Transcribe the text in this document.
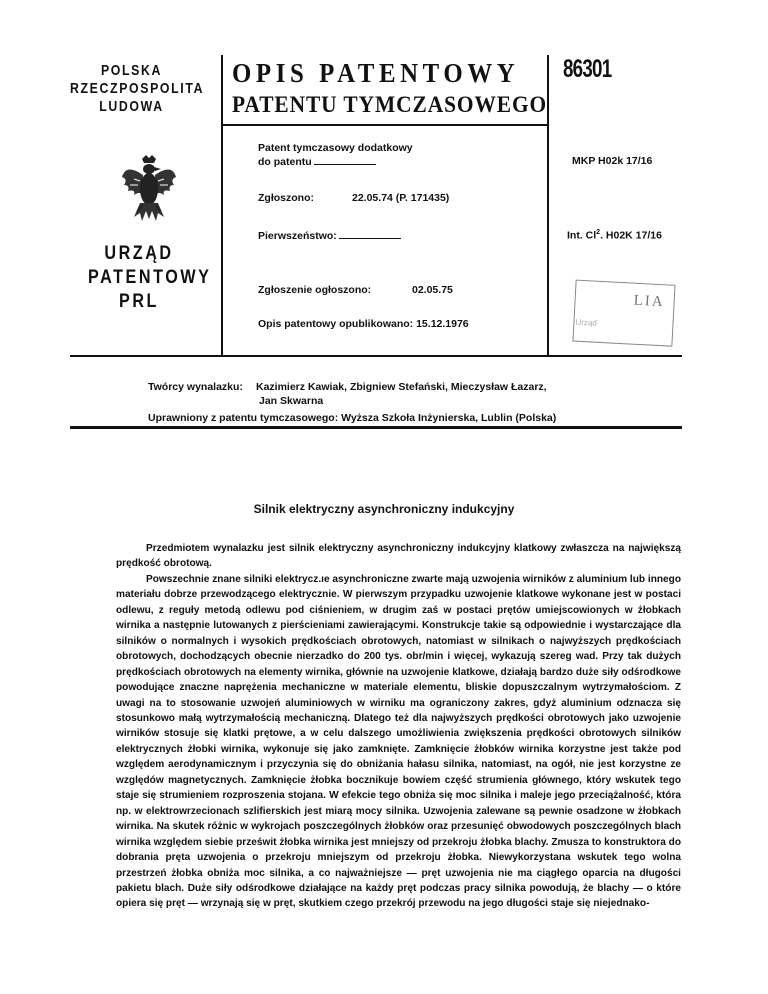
POLSKA
RZECZPOSPOLITA
LUDOWA
URZĄD
PATENTOWY
PRL
OPIS PATENTOWY
PATENTU TYMCZASOWEGO
86301
Patent tymczasowy dodatkowy
do patentu
Zgłoszono:	22.05.74 (P. 171435)
Pierwszeństwo:
Zgłoszenie ogłoszono:	02.05.75
Opis patentowy opublikowano: 15.12.1976
MKP H02k 17/16
Int. Cl$^2$. H02K 17/16
LIA
Urząd
Twórcy wynalazku: Kazimierz Kawiak, Zbigniew Stefański, Mieczysław Łazarz,
Jan Skwarna
Uprawniony z patentu tymczasowego: Wyższa Szkoła Inżynierska, Lublin (Polska)
Silnik elektryczny asynchroniczny indukcyjny

Przedmiotem wynalazku jest silnik elektryczny asynchroniczny indukcyjny klatkowy zwłaszcza na największą prędkość obrotową.

Powszechnie znane silniki elektrycz.ıe asynchroniczne zwarte mają uzwojenia wirników z aluminium lub innego materiału dobrze przewodzącego elektrycznie. W pierwszym przypadku uzwojenie klatkowe wykonane jest w postaci odlewu, z reguły metodą odlewu pod ciśnieniem, w drugim zaś w postaci prętów umiejscowionych w żłobkach wirnika a następnie lutowanych z pierścieniami zawierającymi. Konstrukcje takie są odpowiednie i wystarczające dla silników o normalnych i wysokich prędkościach obrotowych, natomiast w silnikach o najwyższych prędkościach obrotowych, dochodzących obecnie nierzadko do 200 tys. obr/min i więcej, wykazują szereg wad. Przy tak dużych prędkościach obrotowych na elementy wirnika, głównie na uzwojenie klatkowe, działają bardzo duże siły odśrodkowe powodujące znaczne naprężenia mechaniczne w materiale elementu, bliskie dopuszczalnym wytrzymałościom. Z uwagi na to stosowanie uzwojeń aluminiowych w wirniku ma ograniczony zakres, gdyż aluminium odznacza się stosunkowo małą wytrzymałością mechaniczną. Dlatego też dla najwyższych prędkości obrotowych jako uzwojenie wirników stosuje się klatki prętowe, a w celu dalszego umożliwienia zwiększenia prędkości obrotowych silników elektrycznych żłobki wirnika, wykonuje się jako zamknięte. Zamknięcie żłobków wirnika korzystne jest także pod względem aerodynamicznym i przyczynia się do obniżania hałasu silnika, natomiast, na ogół, nie jest korzystne ze względów magnetycznych. Zamknięcie żłobka bocznikuje bowiem część strumienia głównego, który wskutek tego staje się strumieniem rozproszenia stojana. W efekcie tego obniża się moc silnika i maleje jego przeciążalność, która np. w elektrowrzecionach szlifierskich jest miarą mocy silnika. Uzwojenia zalewane są pewnie osadzone w żłobkach wirnika. Na skutek różnic w wykrojach poszczególnych żłobków oraz przesunięć obwodowych poszczególnych blach wirnika względem siebie prześwit żłobka wirnika jest mniejszy od przekroju żłobka blachy. Zmusza to konstruktora do dobrania pręta uzwojenia o przekroju mniejszym od przekroju żłobka. Niewykorzystana wskutek tego wolna przestrzeń żłobka obniża moc silnika, a co najważniejsze — pręt uzwojenia nie ma ciągłego oparcia na długości pakietu blach. Duże siły odśrodkowe działające na każdy pręt podczas pracy silnika powodują, że blachy — o które opiera się pręt — wrzynają się w pręt, skutkiem czego przekrój przewodu na jego długości staje się niejednako-
